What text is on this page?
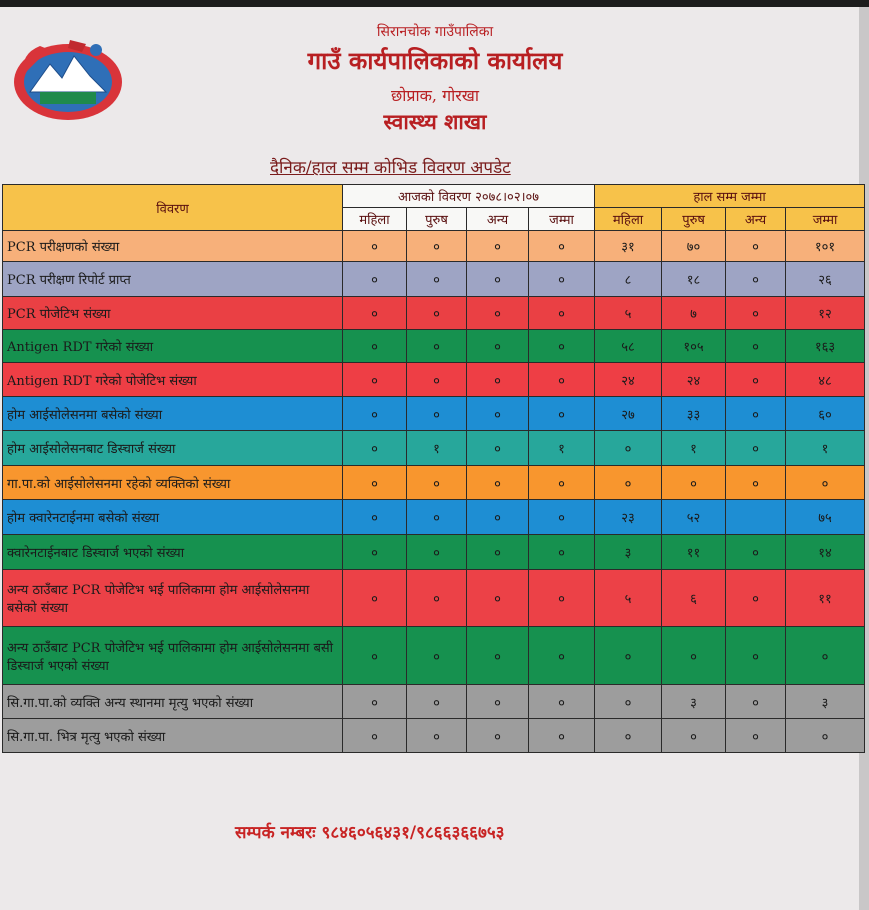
सिरानचोक गाउँपालिका
गाउँ कार्यपालिकाको कार्यालय
छोप्राक, गोरखा
स्वास्थ्य शाखा
दैनिक/हाल सम्म कोभिड विवरण अपडेट
विवरण	आजको विवरण २०७८।०२।०७				हाल सम्म जम्मा			
	महिला	पुरुष	अन्य	जम्मा	महिला	पुरुष	अन्य	जम्मा
PCR परीक्षणको संख्या	०	०	०	०	३१	७०	०	१०१
PCR परीक्षण रिपोर्ट प्राप्त	०	०	०	०	८	१८	०	२६
PCR पोजेटिभ संख्या	०	०	०	०	५	७	०	१२
Antigen RDT गरेको संख्या	०	०	०	०	५८	१०५	०	१६३
Antigen RDT गरेको पोजेटिभ संख्या	०	०	०	०	२४	२४	०	४८
होम आईसोलेसनमा बसेको संख्या	०	०	०	०	२७	३३	०	६०
होम आईसोलेसनबाट डिस्चार्ज संख्या	०	१	०	१	०	१	०	१
गा.पा.को आईसोलेसनमा रहेको व्यक्तिको संख्या	०	०	०	०	०	०	०	०
होम क्वारेनटाईनमा बसेको संख्या	०	०	०	०	२३	५२		७५
क्वारेनटाईनबाट डिस्चार्ज भएको संख्या	०	०	०	०	३	११	०	१४
अन्य ठाउँबाट PCR पोजेटिभ भई पालिकामा होम आईसोलेसनमा बसेको संख्या	०	०	०	०	५	६	०	११
अन्य ठाउँबाट PCR पोजेटिभ भई पालिकामा होम आईसोलेसनमा बसी डिस्चार्ज भएको संख्या	०	०	०	०	०	०	०	०
सि.गा.पा.को व्यक्ति अन्य स्थानमा मृत्यु भएको संख्या	०	०	०	०	०	३	०	३
सि.गा.पा. भित्र मृत्यु भएको संख्या	०	०	०	०	०	०	०	०
सम्पर्क नम्बरः ९८४६०५६४३१/९८६६३६६७५३
